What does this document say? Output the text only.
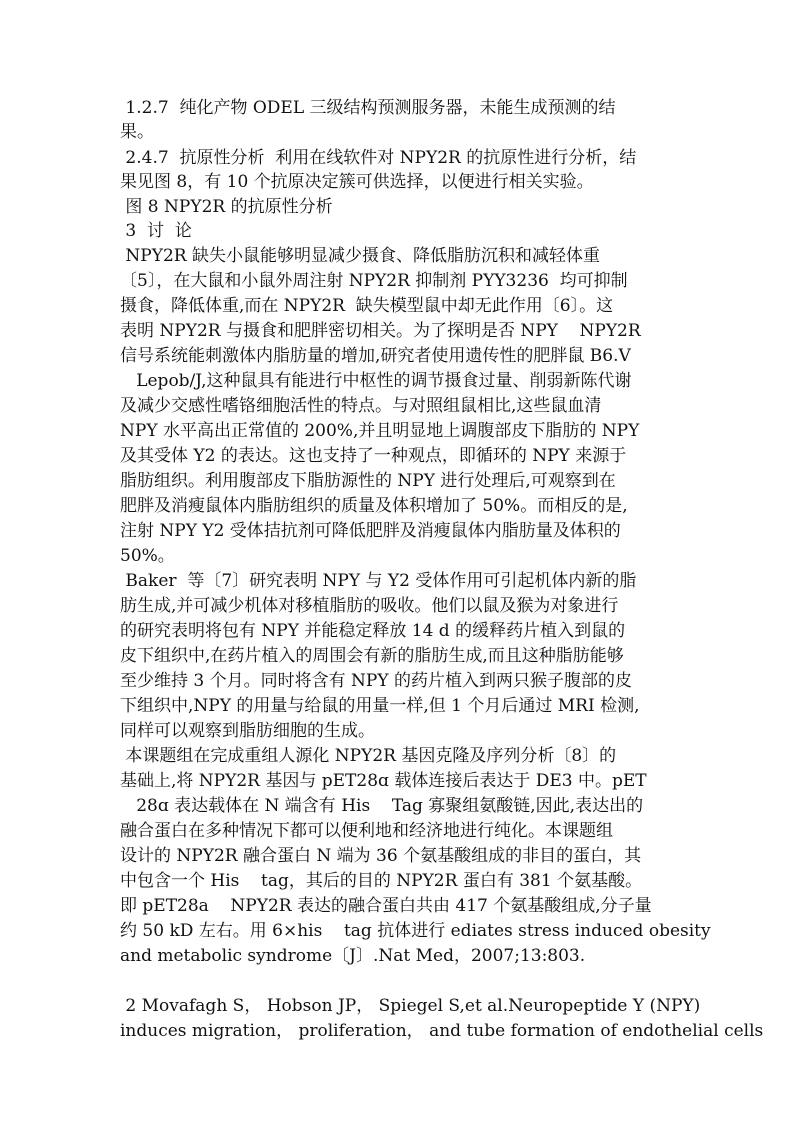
1.2.7  纯化产物 ODEL 三级结构预测服务器，未能生成预测的结
果。
2.4.7  抗原性分析  利用在线软件对 NPY2R 的抗原性进行分析，结
果见图 8，有 10 个抗原决定簇可供选择，以便进行相关实验。
图 8 NPY2R 的抗原性分析
3  讨  论
NPY2R 缺失小鼠能够明显减少摄食、降低脂肪沉积和减轻体重
〔5〕，在大鼠和小鼠外周注射 NPY2R 抑制剂 PYY3236  均可抑制
摄食，降低体重,而在 NPY2R  缺失模型鼠中却无此作用〔6〕。这
表明 NPY2R 与摄食和肥胖密切相关。为了探明是否 NPY    NPY2R
信号系统能刺激体内脂肪量的增加,研究者使用遗传性的肥胖鼠 B6.V
Lepob/J,这种鼠具有能进行中枢性的调节摄食过量、削弱新陈代谢
及减少交感性嗜铬细胞活性的特点。与对照组鼠相比,这些鼠血清
NPY 水平高出正常值的 200%,并且明显地上调腹部皮下脂肪的 NPY
及其受体 Y2 的表达。这也支持了一种观点，即循环的 NPY 来源于
脂肪组织。利用腹部皮下脂肪源性的 NPY 进行处理后,可观察到在
肥胖及消瘦鼠体内脂肪组织的质量及体积增加了 50%。而相反的是,
注射 NPY Y2 受体拮抗剂可降低肥胖及消瘦鼠体内脂肪量及体积的
50%。
Baker  等〔7〕研究表明 NPY 与 Y2 受体作用可引起机体内新的脂
肪生成,并可减少机体对移植脂肪的吸收。他们以鼠及猴为对象进行
的研究表明将包有 NPY 并能稳定释放 14 d 的缓释药片植入到鼠的
皮下组织中,在药片植入的周围会有新的脂肪生成,而且这种脂肪能够
至少维持 3 个月。同时将含有 NPY 的药片植入到两只猴子腹部的皮
下组织中,NPY 的用量与给鼠的用量一样,但 1 个月后通过 MRI 检测,
同样可以观察到脂肪细胞的生成。
本课题组在完成重组人源化 NPY2R 基因克隆及序列分析〔8〕的
基础上,将 NPY2R 基因与 pET28ɑ 载体连接后表达于 DE3 中。pET
28ɑ 表达载体在 N 端含有 His    Tag 寡聚组氨酸链,因此,表达出的
融合蛋白在多种情况下都可以便利地和经济地进行纯化。本课题组
设计的 NPY2R 融合蛋白 N 端为 36 个氨基酸组成的非目的蛋白，其
中包含一个 His    tag，其后的目的 NPY2R 蛋白有 381 个氨基酸。
即 pET28a    NPY2R 表达的融合蛋白共由 417 个氨基酸组成,分子量
约 50 kD 左右。用 6×his    tag 抗体进行 ediates stress induced obesity
and metabolic syndrome〔J〕.Nat Med，2007;13:803.
2 Movafagh S， Hobson JP， Spiegel S,et al.Neuropeptide Y (NPY)
induces migration， proliferation， and tube formation of endothelial cells
